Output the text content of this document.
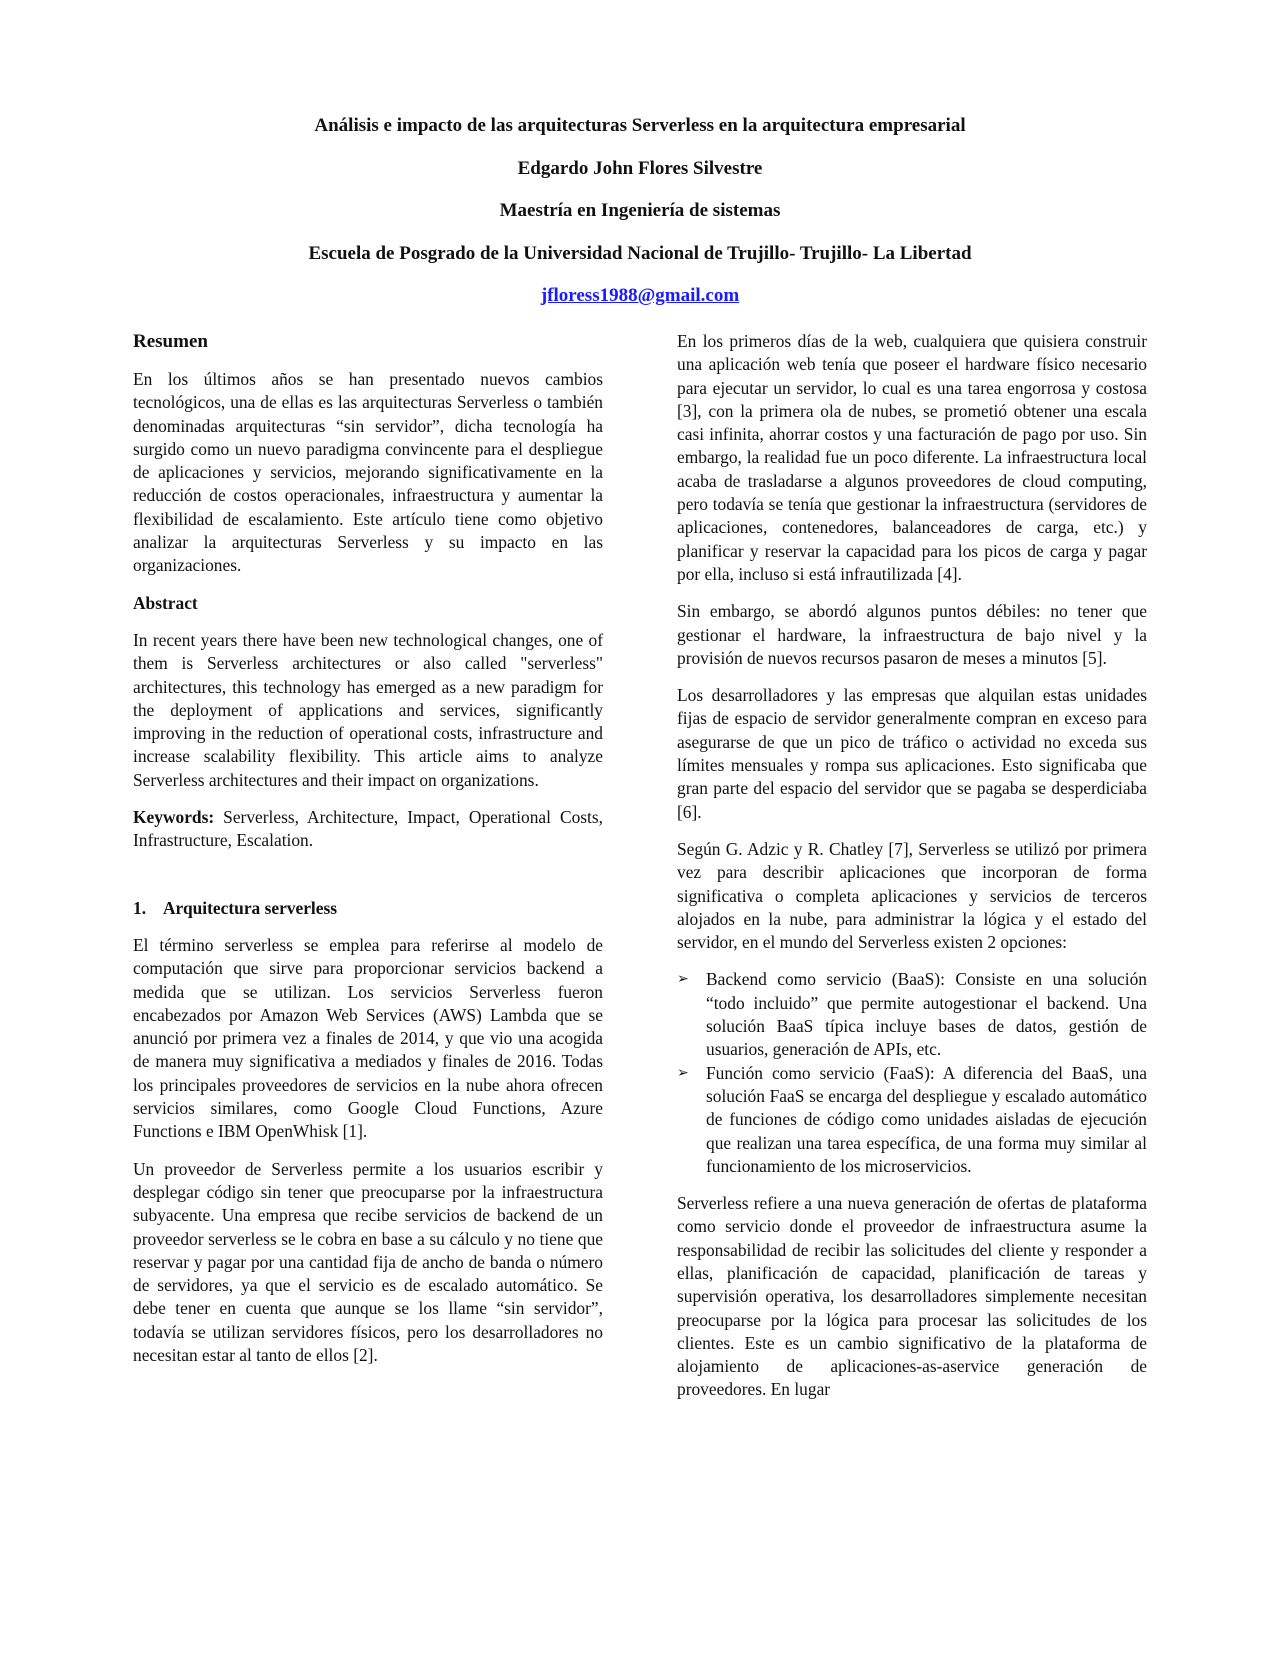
Análisis e impacto de las arquitecturas Serverless en la arquitectura empresarial
Edgardo John Flores Silvestre
Maestría en Ingeniería de sistemas
Escuela de Posgrado de la Universidad Nacional de Trujillo- Trujillo- La Libertad
jfloress1988@gmail.com
Resumen

En los últimos años se han presentado nuevos cambios tecnológicos, una de ellas es las arquitecturas Serverless o también denominadas arquitecturas “sin servidor”, dicha tecnología ha surgido como un nuevo paradigma convincente para el despliegue de aplicaciones y servicios, mejorando significativamente en la reducción de costos operacionales, infraestructura y aumentar la flexibilidad de escalamiento. Este artículo tiene como objetivo analizar la arquitecturas Serverless y su impacto en las organizaciones.

Abstract

In recent years there have been new technological changes, one of them is Serverless architectures or also called "serverless" architectures, this technology has emerged as a new paradigm for the deployment of applications and services, significantly improving in the reduction of operational costs, infrastructure and increase scalability flexibility. This article aims to analyze Serverless architectures and their impact on organizations.

Keywords: Serverless, Architecture, Impact, Operational Costs, Infrastructure, Escalation.

1. Arquitectura serverless

El término serverless se emplea para referirse al modelo de computación que sirve para proporcionar servicios backend a medida que se utilizan. Los servicios Serverless fueron encabezados por Amazon Web Services (AWS) Lambda que se anunció por primera vez a finales de 2014, y que vio una acogida de manera muy significativa a mediados y finales de 2016. Todas los principales proveedores de servicios en la nube ahora ofrecen servicios similares, como Google Cloud Functions, Azure Functions e IBM OpenWhisk [1].

Un proveedor de Serverless permite a los usuarios escribir y desplegar código sin tener que preocuparse por la infraestructura subyacente. Una empresa que recibe servicios de backend de un proveedor serverless se le cobra en base a su cálculo y no tiene que reservar y pagar por una cantidad fija de ancho de banda o número de servidores, ya que el servicio es de escalado automático. Se debe tener en cuenta que aunque se los llame “sin servidor”, todavía se utilizan servidores físicos, pero los desarrolladores no necesitan estar al tanto de ellos [2].

En los primeros días de la web, cualquiera que quisiera construir una aplicación web tenía que poseer el hardware físico necesario para ejecutar un servidor, lo cual es una tarea engorrosa y costosa [3], con la primera ola de nubes, se prometió obtener una escala casi infinita, ahorrar costos y una facturación de pago por uso. Sin embargo, la realidad fue un poco diferente. La infraestructura local acaba de trasladarse a algunos proveedores de cloud computing, pero todavía se tenía que gestionar la infraestructura (servidores de aplicaciones, contenedores, balanceadores de carga, etc.) y planificar y reservar la capacidad para los picos de carga y pagar por ella, incluso si está infrautilizada [4].

Sin embargo, se abordó algunos puntos débiles: no tener que gestionar el hardware, la infraestructura de bajo nivel y la provisión de nuevos recursos pasaron de meses a minutos [5].

Los desarrolladores y las empresas que alquilan estas unidades fijas de espacio de servidor generalmente compran en exceso para asegurarse de que un pico de tráfico o actividad no exceda sus límites mensuales y rompa sus aplicaciones. Esto significaba que gran parte del espacio del servidor que se pagaba se desperdiciaba [6].

Según G. Adzic y R. Chatley [7], Serverless se utilizó por primera vez para describir aplicaciones que incorporan de forma significativa o completa aplicaciones y servicios de terceros alojados en la nube, para administrar la lógica y el estado del servidor, en el mundo del Serverless existen 2 opciones:

➢ Backend como servicio (BaaS): Consiste en una solución “todo incluido” que permite autogestionar el backend. Una solución BaaS típica incluye bases de datos, gestión de usuarios, generación de APIs, etc.
➢ Función como servicio (FaaS): A diferencia del BaaS, una solución FaaS se encarga del despliegue y escalado automático de funciones de código como unidades aisladas de ejecución que realizan una tarea específica, de una forma muy similar al funcionamiento de los microservicios.

Serverless refiere a una nueva generación de ofertas de plataforma como servicio donde el proveedor de infraestructura asume la responsabilidad de recibir las solicitudes del cliente y responder a ellas, planificación de capacidad, planificación de tareas y supervisión operativa, los desarrolladores simplemente necesitan preocuparse por la lógica para procesar las solicitudes de los clientes. Este es un cambio significativo de la plataforma de alojamiento de aplicaciones-as-aservice generación de proveedores. En lugar
